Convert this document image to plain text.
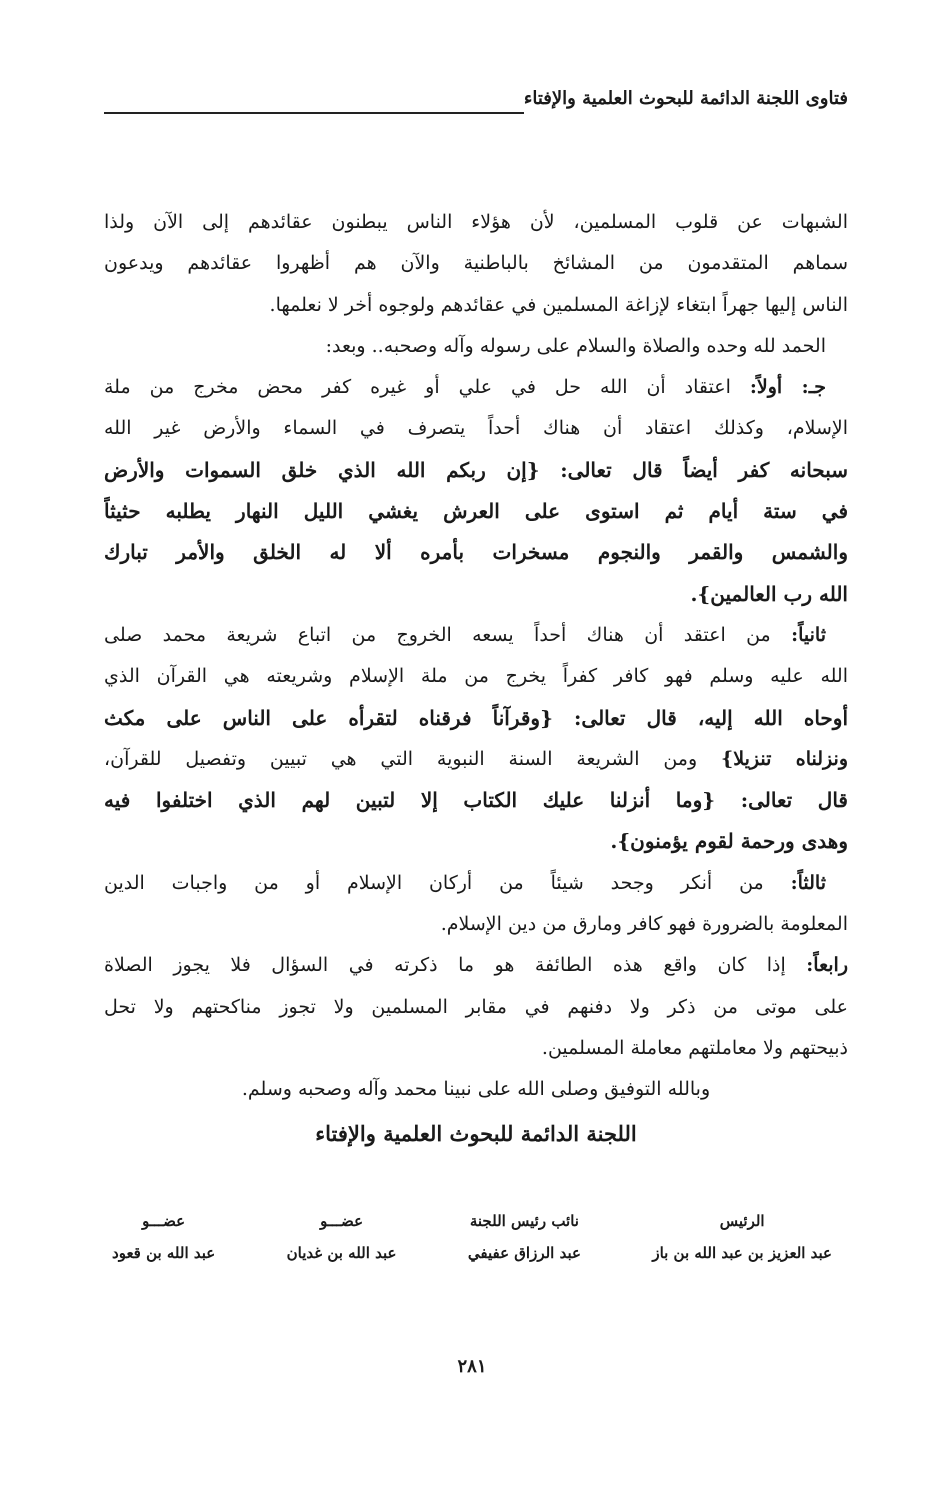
فتاوى اللجنة الدائمة للبحوث العلمية والإفتاء
الشبهات عن قلوب المسلمين، لأن هؤلاء الناس يبطنون عقائدهم إلى الآن ولذا
سماهم المتقدمون من المشائخ بالباطنية والآن هم أظهروا عقائدهم ويدعون
الناس إليها جهراً ابتغاء لإزاغة المسلمين في عقائدهم ولوجوه أخر لا نعلمها.
الحمد لله وحده والصلاة والسلام على رسوله وآله وصحبه.. وبعد:
جـ: أولاً: اعتقاد أن الله حل في علي أو غيره كفر محض مخرج من ملة
الإسلام، وكذلك اعتقاد أن هناك أحداً يتصرف في السماء والأرض غير الله
سبحانه كفر أيضاً قال تعالى: {إن ربكم الله الذي خلق السموات والأرض
في ستة أيام ثم استوى على العرش يغشي الليل النهار يطلبه حثيثاً
والشمس والقمر والنجوم مسخرات بأمره ألا له الخلق والأمر تبارك
الله رب العالمين}.
ثانياً: من اعتقد أن هناك أحداً يسعه الخروج من اتباع شريعة محمد صلى
الله عليه وسلم فهو كافر كفراً يخرج من ملة الإسلام وشريعته هي القرآن الذي
أوحاه الله إليه، قال تعالى: {وقرآناً فرقناه لتقرأه على الناس على مكث
ونزلناه تنزيلا} ومن الشريعة السنة النبوية التي هي تبيين وتفصيل للقرآن،
قال تعالى: {وما أنزلنا عليك الكتاب إلا لتبين لهم الذي اختلفوا فيه
وهدى ورحمة لقوم يؤمنون}.
ثالثاً: من أنكر وجحد شيئاً من أركان الإسلام أو من واجبات الدين
المعلومة بالضرورة فهو كافر ومارق من دين الإسلام.
رابعاً: إذا كان واقع هذه الطائفة هو ما ذكرته في السؤال فلا يجوز الصلاة
على موتى من ذكر ولا دفنهم في مقابر المسلمين ولا تجوز مناكحتهم ولا تحل
ذبيحتهم ولا معاملتهم معاملة المسلمين.
وبالله التوفيق وصلى الله على نبينا محمد وآله وصحبه وسلم.
اللجنة الدائمة للبحوث العلمية والإفتاء
الرئيس
عبد العزيز بن عبد الله بن باز
نائب رئيس اللجنة
عبد الرزاق عفيفي
عضـــو
عبد الله بن غديان
عضـــو
عبد الله بن قعود
٢٨١
